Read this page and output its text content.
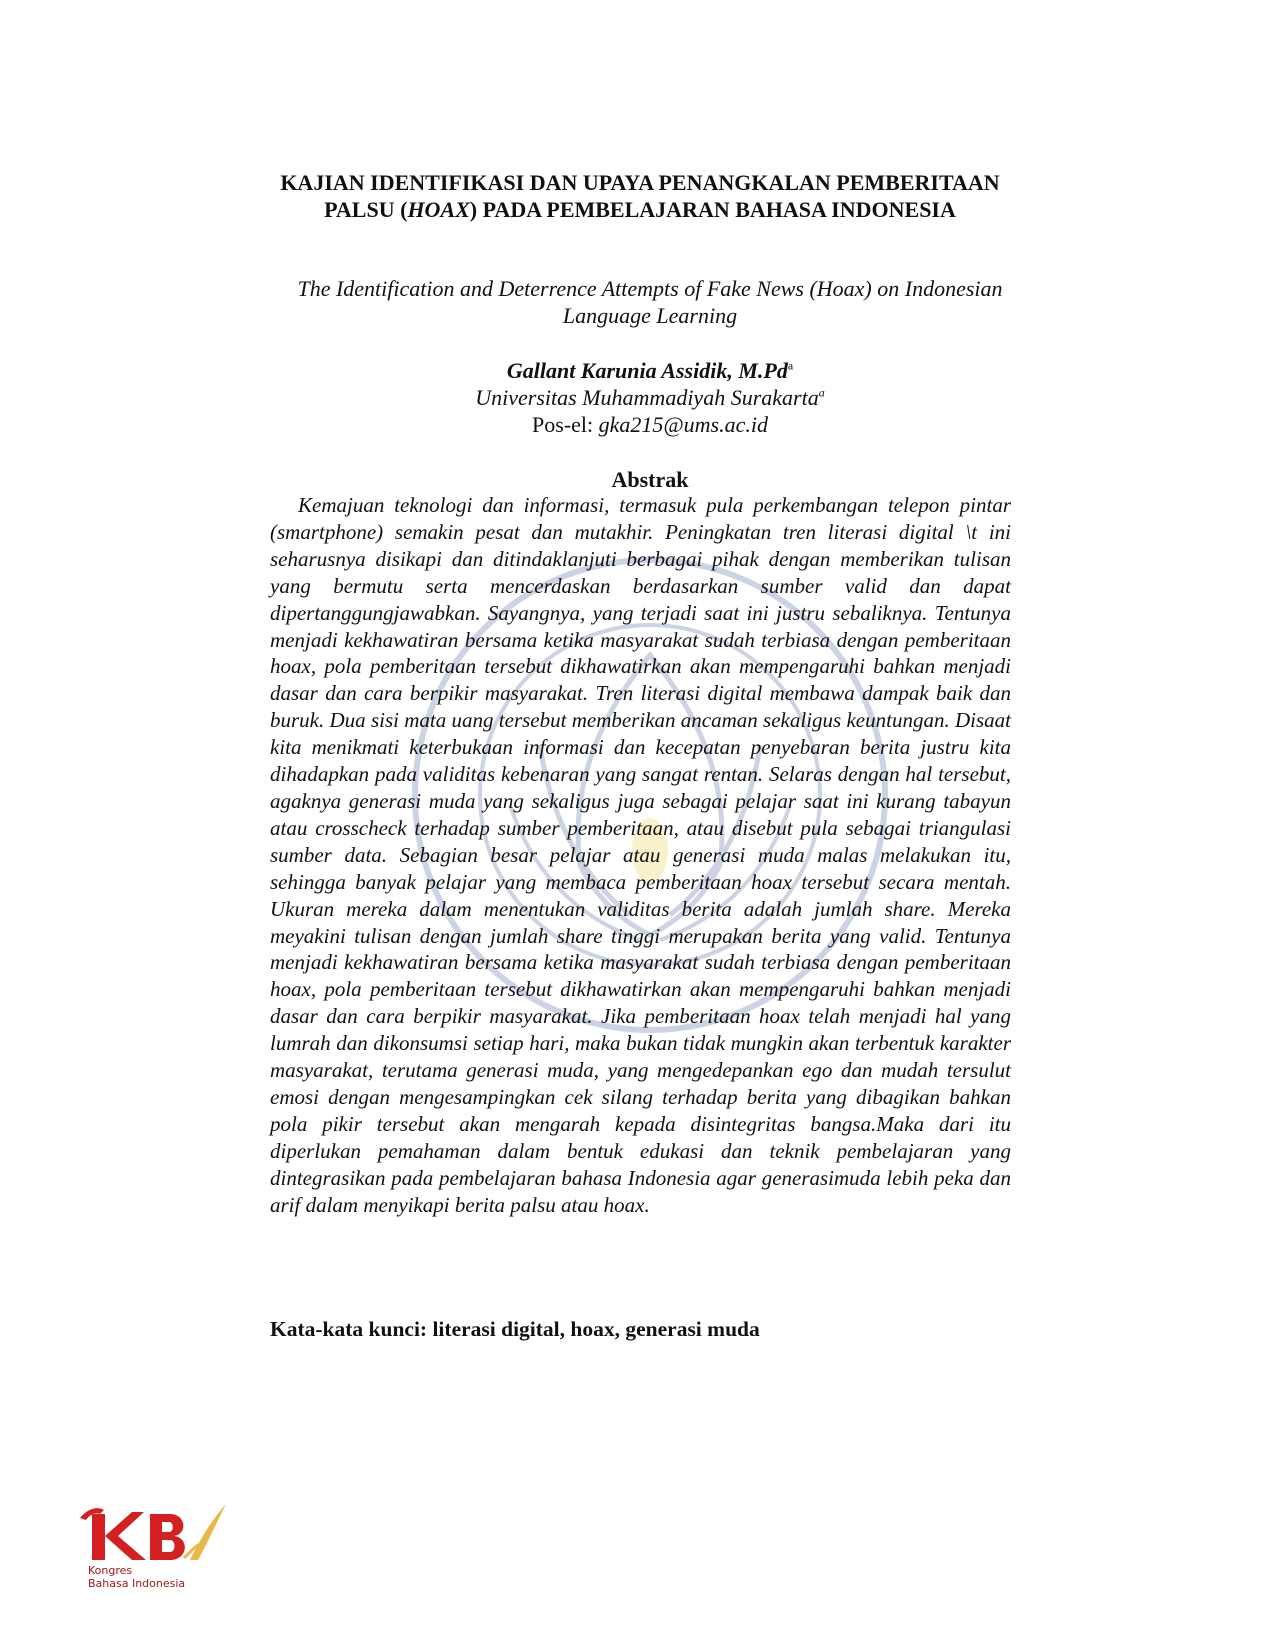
KAJIAN IDENTIFIKASI DAN UPAYA PENANGKALAN PEMBERITAAN PALSU (HOAX) PADA PEMBELAJARAN BAHASA INDONESIA

The Identification and Deterrence Attempts of Fake News (Hoax) on Indonesian Language Learning

Gallant Karunia Assidik, M.Pd$^a$
Universitas Muhammadiyah Surakarta$^a$
Pos-el: gka215@ums.ac.id
Abstrak

Kemajuan teknologi dan informasi, termasuk pula perkembangan telepon pintar (smartphone) semakin pesat dan mutakhir. Peningkatan tren literasi digital \t ini seharusnya disikapi dan ditindaklanjuti berbagai pihak dengan memberikan tulisan yang bermutu serta mencerdaskan berdasarkan sumber valid dan dapat dipertanggungjawabkan. Sayangnya, yang terjadi saat ini justru sebaliknya. Tentunya menjadi kekhawatiran bersama ketika masyarakat sudah terbiasa dengan pemberitaan hoax, pola pemberitaan tersebut dikhawatirkan akan mempengaruhi bahkan menjadi dasar dan cara berpikir masyarakat. Tren literasi digital membawa dampak baik dan buruk. Dua sisi mata uang tersebut memberikan ancaman sekaligus keuntungan. Disaat kita menikmati keterbukaan informasi dan kecepatan penyebaran berita justru kita dihadapkan pada validitas kebenaran yang sangat rentan. Selaras dengan hal tersebut, agaknya generasi muda yang sekaligus juga sebagai pelajar saat ini kurang tabayun atau crosscheck terhadap sumber pemberitaan, atau disebut pula sebagai triangulasi sumber data. Sebagian besar pelajar atau generasi muda malas melakukan itu, sehingga banyak pelajar yang membaca pemberitaan hoax tersebut secara mentah. Ukuran mereka dalam menentukan validitas berita adalah jumlah share. Mereka meyakini tulisan dengan jumlah share tinggi merupakan berita yang valid. Tentunya menjadi kekhawatiran bersama ketika masyarakat sudah terbiasa dengan pemberitaan hoax, pola pemberitaan tersebut dikhawatirkan akan mempengaruhi bahkan menjadi dasar dan cara berpikir masyarakat. Jika pemberitaan hoax telah menjadi hal yang lumrah dan dikonsumsi setiap hari, maka bukan tidak mungkin akan terbentuk karakter masyarakat, terutama generasi muda, yang mengedepankan ego dan mudah tersulut emosi dengan mengesampingkan cek silang terhadap berita yang dibagikan bahkan pola pikir tersebut akan mengarah kepada disintegritas bangsa.Maka dari itu diperlukan pemahaman dalam bentuk edukasi dan teknik pembelajaran yang dintegrasikan pada pembelajaran bahasa Indonesia agar generasimuda lebih peka dan arif dalam menyikapi berita palsu atau hoax.

Kata-kata kunci: literasi digital, hoax, generasi muda
Kongres
Bahasa Indonesia
